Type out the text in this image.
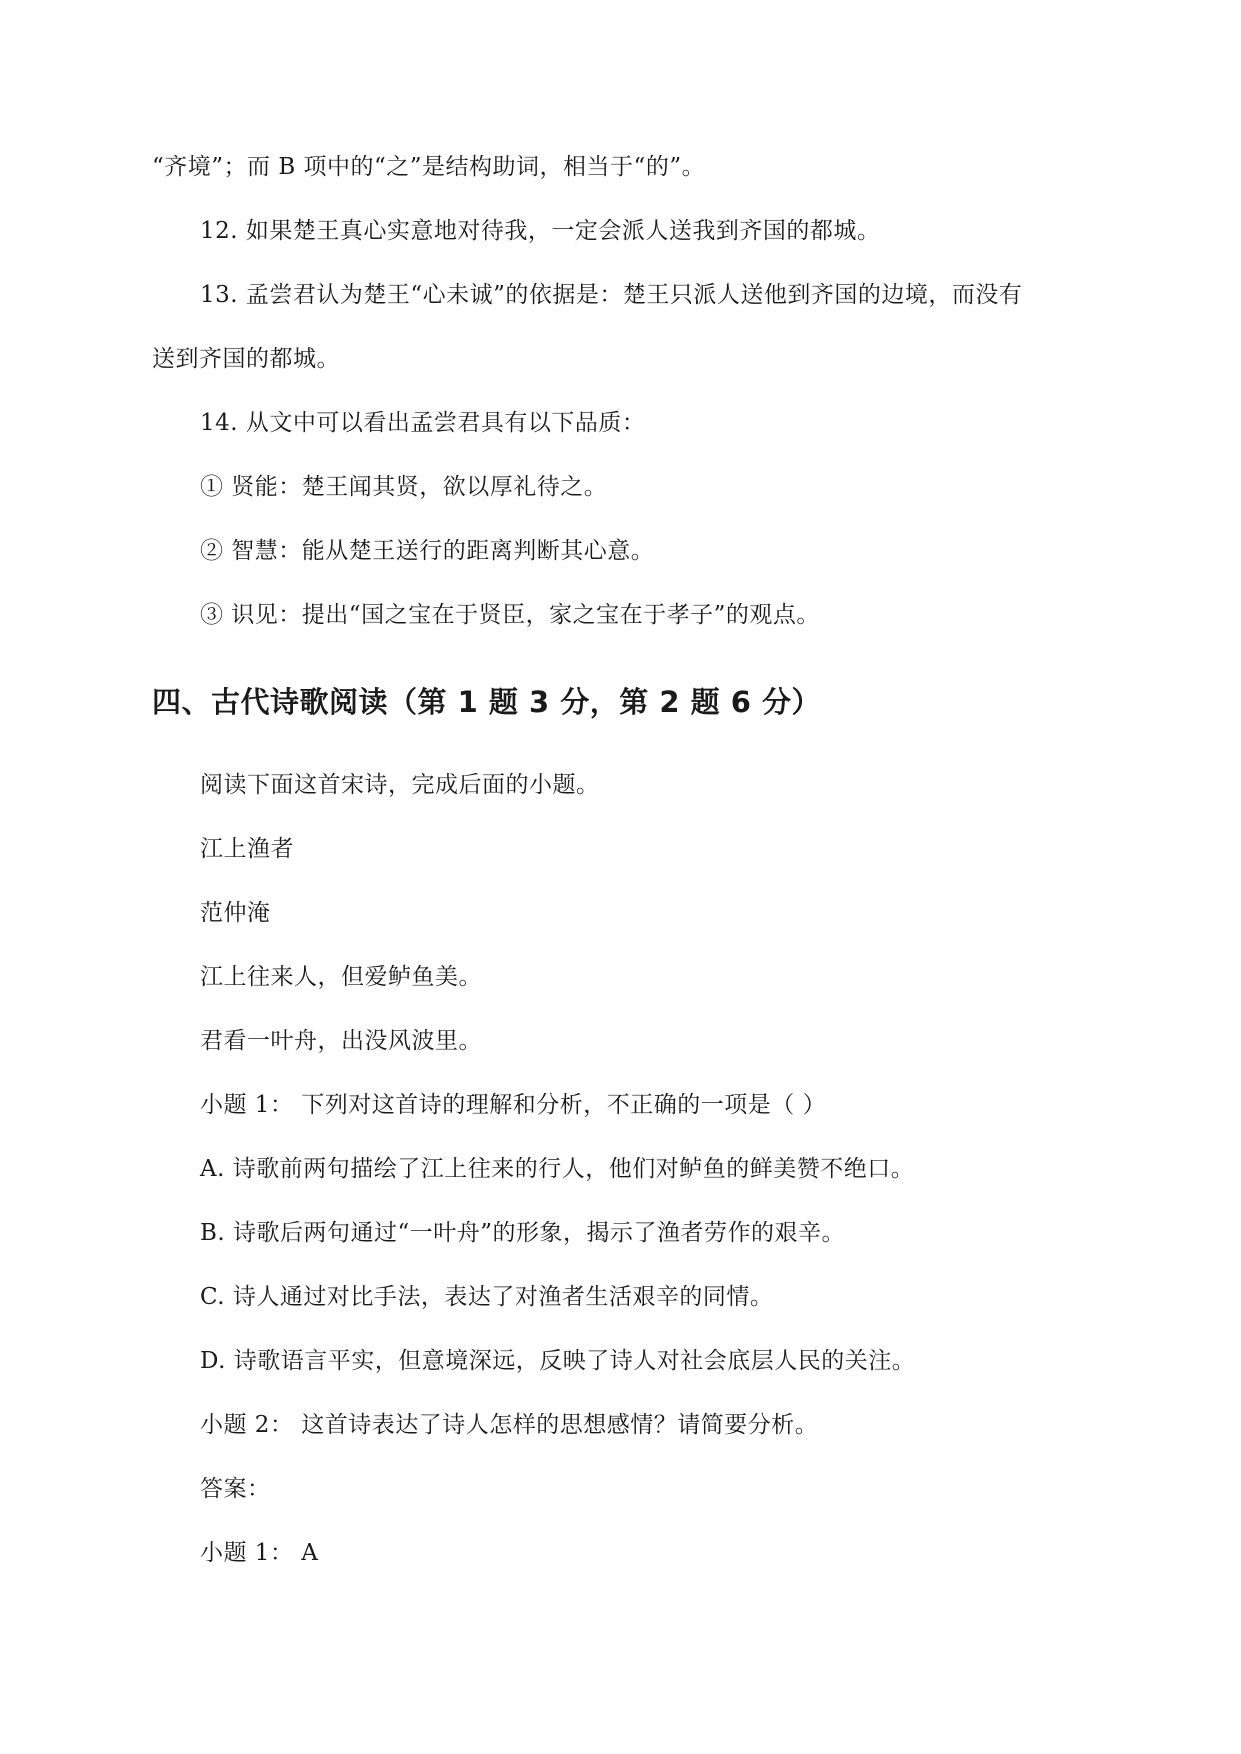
“齐境”；而 B 项中的“之”是结构助词，相当于“的”。
12. 如果楚王真心实意地对待我，一定会派人送我到齐国的都城。
13. 孟尝君认为楚王“心未诚”的依据是：楚王只派人送他到齐国的边境，而没有
送到齐国的都城。
14. 从文中可以看出孟尝君具有以下品质：
① 贤能：楚王闻其贤，欲以厚礼待之。
② 智慧：能从楚王送行的距离判断其心意。
③ 识见：提出“国之宝在于贤臣，家之宝在于孝子”的观点。
四、古代诗歌阅读（第 1 题 3 分，第 2 题 6 分）
阅读下面这首宋诗，完成后面的小题。
江上渔者
范仲淹
江上往来人，但爱鲈鱼美。
君看一叶舟，出没风波里。
小题 1： 下列对这首诗的理解和分析，不正确的一项是（ ）
A. 诗歌前两句描绘了江上往来的行人，他们对鲈鱼的鲜美赞不绝口。
B. 诗歌后两句通过“一叶舟”的形象，揭示了渔者劳作的艰辛。
C. 诗人通过对比手法，表达了对渔者生活艰辛的同情。
D. 诗歌语言平实，但意境深远，反映了诗人对社会底层人民的关注。
小题 2： 这首诗表达了诗人怎样的思想感情？请简要分析。
答案：
小题 1： A
